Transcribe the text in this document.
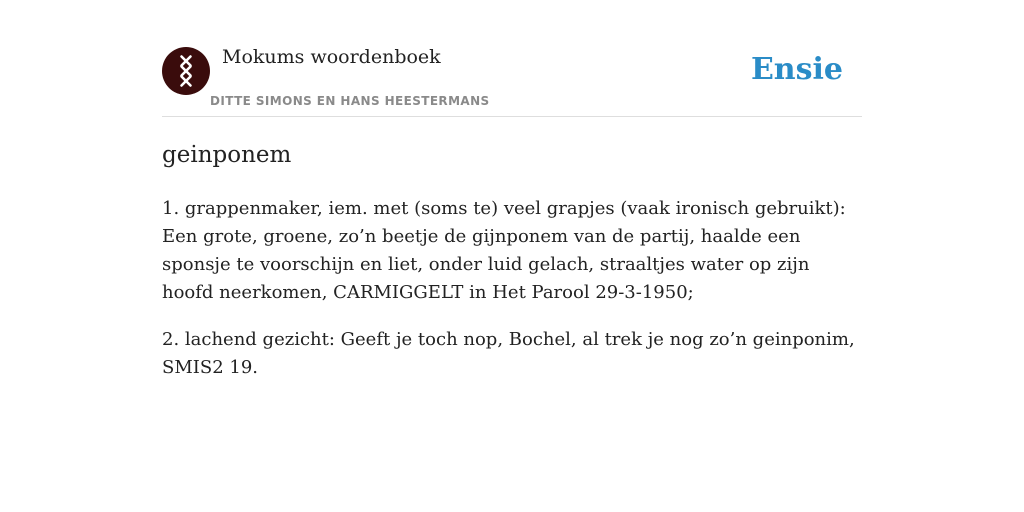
Mokums woordenboek
DITTE SIMONS EN HANS HEESTERMANS
Ensie
geinponem

1. grappenmaker, iem. met (soms te) veel grapjes (vaak ironisch gebruikt): Een grote, groene, zo’n beetje de gijnponem van de partij, haalde een sponsje te voorschijn en liet, onder luid gelach, straaltjes water op zijn hoofd neerkomen, CARMIGGELT in Het Parool 29-3-1950;

2. lachend gezicht: Geeft je toch nop, Bochel, al trek je nog zo’n geinponim, SMIS2 19.
